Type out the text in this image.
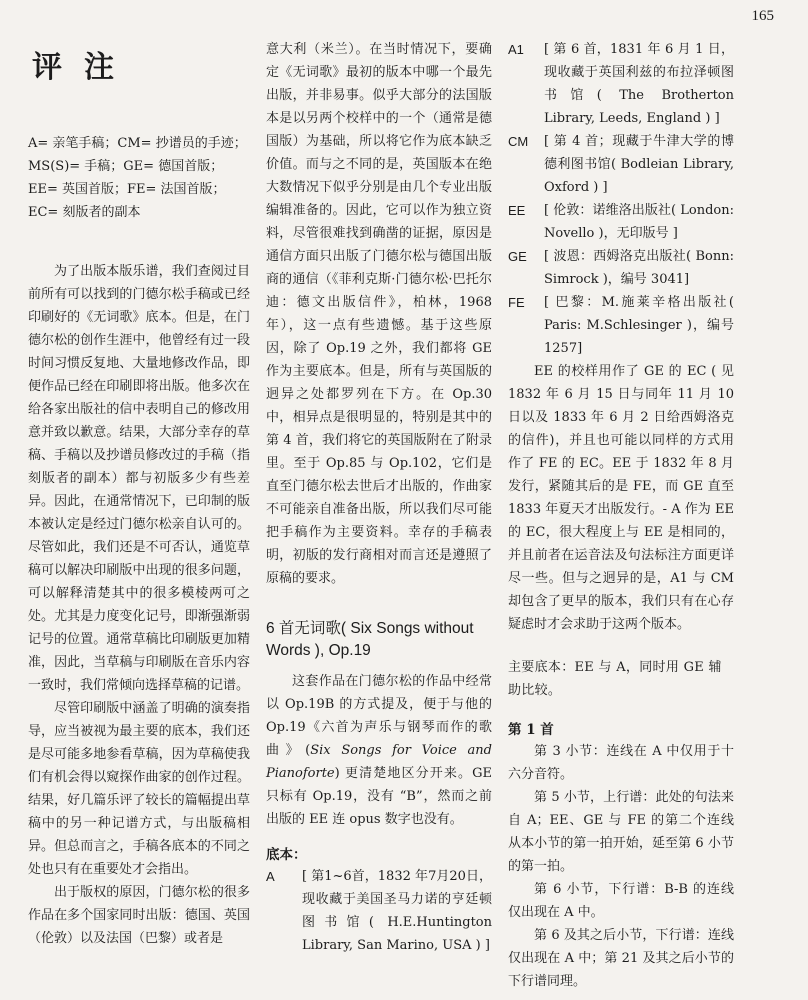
165
评注

A= 亲笔手稿；CM= 抄谱员的手迹；MS(S)= 手稿；GE= 德国首版；EE= 英国首版；FE= 法国首版；EC= 刻版者的副本

为了出版本版乐谱，我们查阅过目前所有可以找到的门德尔松手稿或已经印刷好的《无词歌》底本。但是，在门德尔松的创作生涯中，他曾经有过一段时间习惯反复地、大量地修改作品，即便作品已经在印刷即将出版。他多次在给各家出版社的信中表明自己的修改用意并致以歉意。结果，大部分幸存的草稿、手稿以及抄谱员修改过的手稿（指刻版者的副本）都与初版多少有些差异。因此，在通常情况下，已印制的版本被认定是经过门德尔松亲自认可的。尽管如此，我们还是不可否认，通览草稿可以解决印刷版中出现的很多问题，可以解释清楚其中的很多模棱两可之处。尤其是力度变化记号，即渐强渐弱记号的位置。通常草稿比印刷版更加精准，因此，当草稿与印刷版在音乐内容一致时，我们常倾向选择草稿的记谱。

尽管印刷版中涵盖了明确的演奏指导，应当被视为最主要的底本，我们还是尽可能多地参看草稿，因为草稿使我们有机会得以窥探作曲家的创作过程。结果，好几篇乐评了较长的篇幅提出草稿中的另一种记谱方式，与出版稿相异。但总而言之，手稿各底本的不同之处也只有在重要处才会指出。

出于版权的原因，门德尔松的很多作品在多个国家同时出版：德国、英国（伦敦）以及法国（巴黎）或者是

意大利（米兰）。在当时情况下，要确定《无词歌》最初的版本中哪一个最先出版，并非易事。似乎大部分的法国版本是以另两个校样中的一个（通常是德国版）为基础，所以将它作为底本缺乏价值。而与之不同的是，英国版本在绝大数情况下似乎分别是由几个专业出版编辑准备的。因此，它可以作为独立资料，尽管很难找到确凿的证据，原因是通信方面只出版了门德尔松与德国出版商的通信（《菲利克斯·门德尔松·巴托尔迪：德文出版信件》，柏林，1968 年），这一点有些遗憾。基于这些原因，除了 Op.19 之外，我们都将 GE 作为主要底本。但是，所有与英国版的迥异之处都罗列在下方。在 Op.30 中，相异点是很明显的，特别是其中的第 4 首，我们将它的英国版附在了附录里。至于 Op.85 与 Op.102，它们是直至门德尔松去世后才出版的，作曲家不可能亲自准备出版，所以我们尽可能把手稿作为主要资料。幸存的手稿表明，初版的发行商相对而言还是遵照了原稿的要求。

6 首无词歌( Six Songs without Words ), Op.19

这套作品在门德尔松的作品中经常以 Op.19B 的方式提及，便于与他的 Op.19《六首为声乐与钢琴而作的歌曲》(Six Songs for Voice and Pianoforte) 更清楚地区分开来。GE 只标有 Op.19，没有 “B”，然而之前出版的 EE 连 opus 数字也没有。

底本：
A	[ 第1~6首，1832 年7月20日，现收藏于美国圣马力诺的亨廷顿图书馆( H.E.Huntington Library, San Marino, USA ) ]
A1	[ 第 6 首，1831 年 6 月 1 日，现收藏于英国利兹的布拉泽顿图书馆( The Brotherton Library, Leeds, England ) ]
CM	[ 第 4 首；现藏于牛津大学的博德利图书馆( Bodleian Library, Oxford ) ]
EE	[ 伦敦：诺维洛出版社( London: Novello )，无印版号 ]
GE	[ 波恩：西姆洛克出版社( Bonn: Simrock )，编号 3041]
FE	[ 巴黎：M.施莱辛格出版社( Paris: M.Schlesinger )，编号 1257]

EE 的校样用作了 GE 的 EC ( 见 1832 年 6 月 15 日与同年 11 月 10 日以及 1833 年 6 月 2 日给西姆洛克的信件)，并且也可能以同样的方式用作了 FE 的 EC。EE 于 1832 年 8 月发行，紧随其后的是 FE，而 GE 直至 1833 年夏天才出版发行。- A 作为 EE 的 EC，很大程度上与 EE 是相同的，并且前者在运音法及句法标注方面更详尽一些。但与之迥异的是，A1 与 CM 却包含了更早的版本，我们只有在心存疑虑时才会求助于这两个版本。

主要底本：EE 与 A，同时用 GE 辅助比较。
第 1 首

第 3 小节：连线在 A 中仅用于十六分音符。

第 5 小节，上行谱：此处的句法来自 A；EE、GE 与 FE 的第二个连线从本小节的第一拍开始，延至第 6 小节的第一拍。

第 6 小节，下行谱：B-B 的连线仅出现在 A 中。

第 6 及其之后小节，下行谱：连线仅出现在 A 中；第 21 及其之后小节的下行谱同理。
